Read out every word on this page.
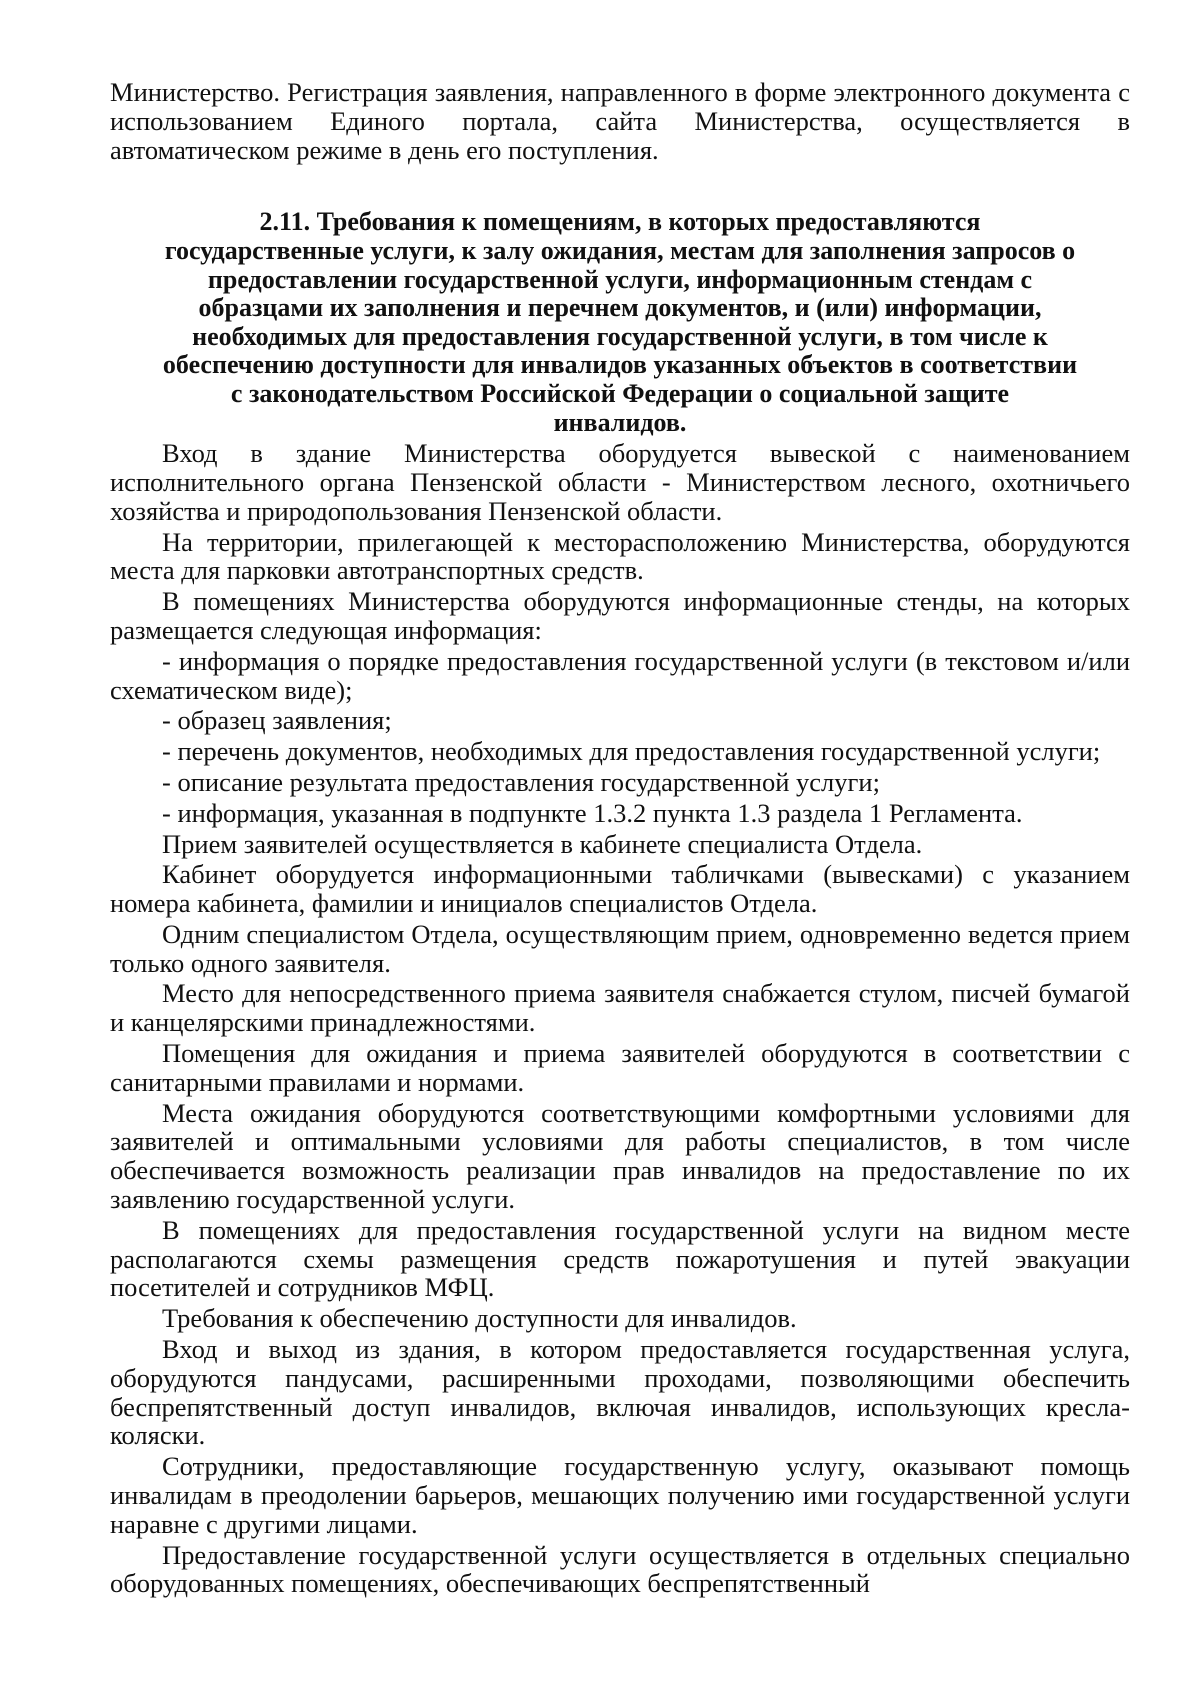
Министерство. Регистрация заявления, направленного в форме электронного документа с использованием Единого портала, сайта Министерства, осуществляется в автоматическом режиме в день его поступления.

2.11. Требования к помещениям, в которых предоставляются
государственные услуги, к залу ожидания, местам для заполнения запросов о
предоставлении государственной услуги, информационным стендам с
образцами их заполнения и перечнем документов, и (или) информации,
необходимых для предоставления государственной услуги, в том числе к
обеспечению доступности для инвалидов указанных объектов в соответствии
с законодательством Российской Федерации о социальной защите
инвалидов.

Вход в здание Министерства оборудуется вывеской с наименованием исполнительного органа Пензенской области - Министерством лесного, охотничьего хозяйства и природопользования Пензенской области.

На территории, прилегающей к месторасположению Министерства, оборудуются места для парковки автотранспортных средств.

В помещениях Министерства оборудуются информационные стенды, на которых размещается следующая информация:

- информация о порядке предоставления государственной услуги (в текстовом и/или схематическом виде);

- образец заявления;

- перечень документов, необходимых для предоставления государственной услуги;

- описание результата предоставления государственной услуги;

- информация, указанная в подпункте 1.3.2 пункта 1.3 раздела 1 Регламента.

Прием заявителей осуществляется в кабинете специалиста Отдела.

Кабинет оборудуется информационными табличками (вывесками) с указанием номера кабинета, фамилии и инициалов специалистов Отдела.

Одним специалистом Отдела, осуществляющим прием, одновременно ведется прием только одного заявителя.

Место для непосредственного приема заявителя снабжается стулом, писчей бумагой и канцелярскими принадлежностями.

Помещения для ожидания и приема заявителей оборудуются в соответствии с санитарными правилами и нормами.

Места ожидания оборудуются соответствующими комфортными условиями для заявителей и оптимальными условиями для работы специалистов, в том числе обеспечивается возможность реализации прав инвалидов на предоставление по их заявлению государственной услуги.

В помещениях для предоставления государственной услуги на видном месте располагаются схемы размещения средств пожаротушения и путей эвакуации посетителей и сотрудников МФЦ.

Требования к обеспечению доступности для инвалидов.

Вход и выход из здания, в котором предоставляется государственная услуга, оборудуются пандусами, расширенными проходами, позволяющими обеспечить беспрепятственный доступ инвалидов, включая инвалидов, использующих кресла-коляски.

Сотрудники, предоставляющие государственную услугу, оказывают помощь инвалидам в преодолении барьеров, мешающих получению ими государственной услуги наравне с другими лицами.

Предоставление государственной услуги осуществляется в отдельных специально оборудованных помещениях, обеспечивающих беспрепятственный
